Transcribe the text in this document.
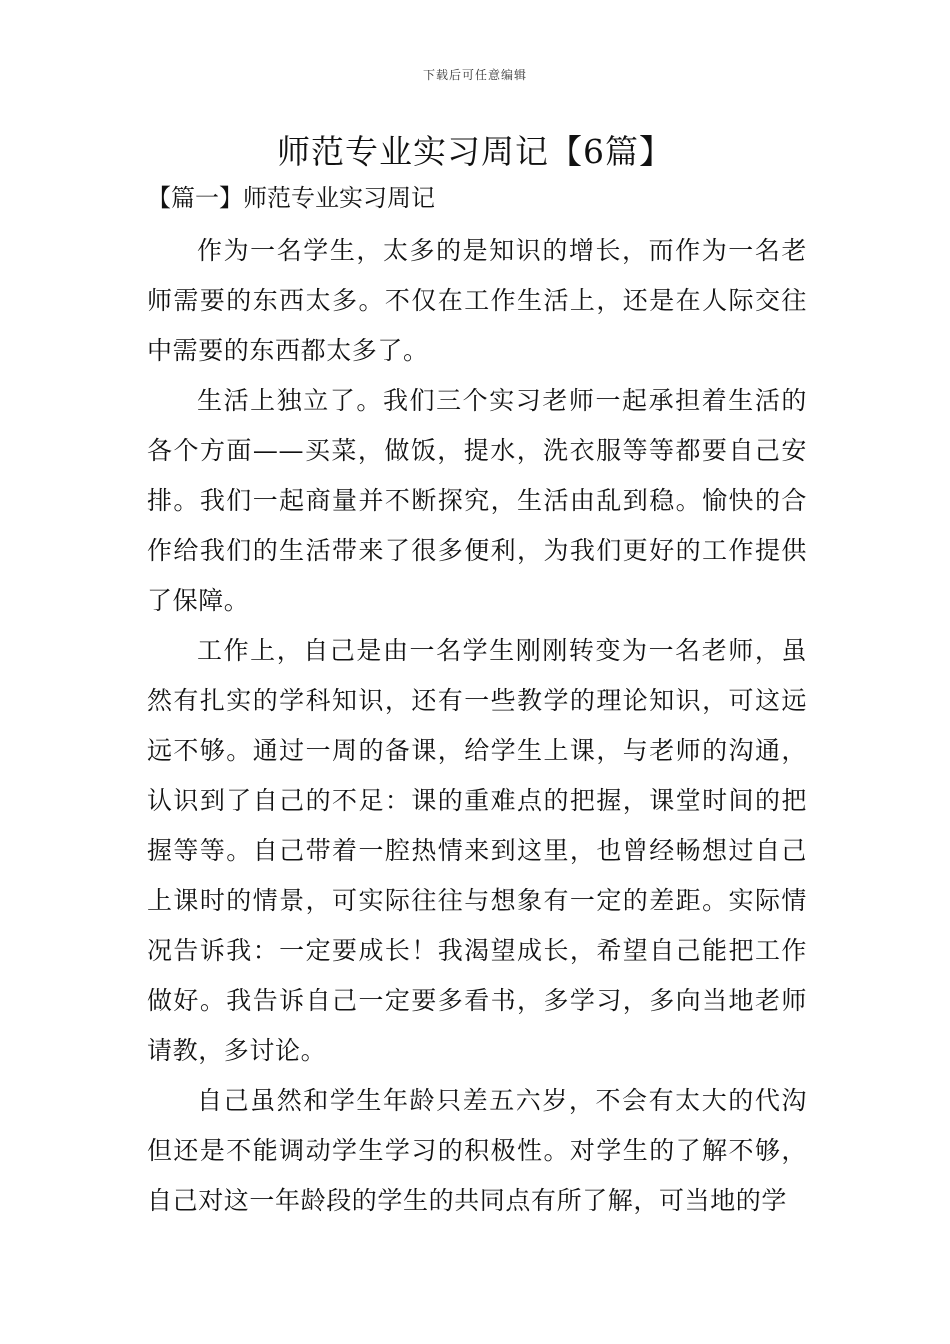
下载后可任意编辑
师范专业实习周记【6篇】
【篇一】师范专业实习周记

作为一名学生，太多的是知识的增长，而作为一名老师需要的东西太多。不仅在工作生活上，还是在人际交往中需要的东西都太多了。

生活上独立了。我们三个实习老师一起承担着生活的各个方面——买菜，做饭，提水，洗衣服等等都要自己安排。我们一起商量并不断探究，生活由乱到稳。愉快的合作给我们的生活带来了很多便利，为我们更好的工作提供了保障。

工作上，自己是由一名学生刚刚转变为一名老师，虽然有扎实的学科知识，还有一些教学的理论知识，可这远远不够。通过一周的备课，给学生上课，与老师的沟通，认识到了自己的不足：课的重难点的把握，课堂时间的把握等等。自己带着一腔热情来到这里，也曾经畅想过自己上课时的情景，可实际往往与想象有一定的差距。实际情况告诉我：一定要成长！我渴望成长，希望自己能把工作做好。我告诉自己一定要多看书，多学习，多向当地老师请教，多讨论。

自己虽然和学生年龄只差五六岁，不会有太大的代沟但还是不能调动学生学习的积极性。对学生的了解不够，自己对这一年龄段的学生的共同点有所了解，可当地的学
